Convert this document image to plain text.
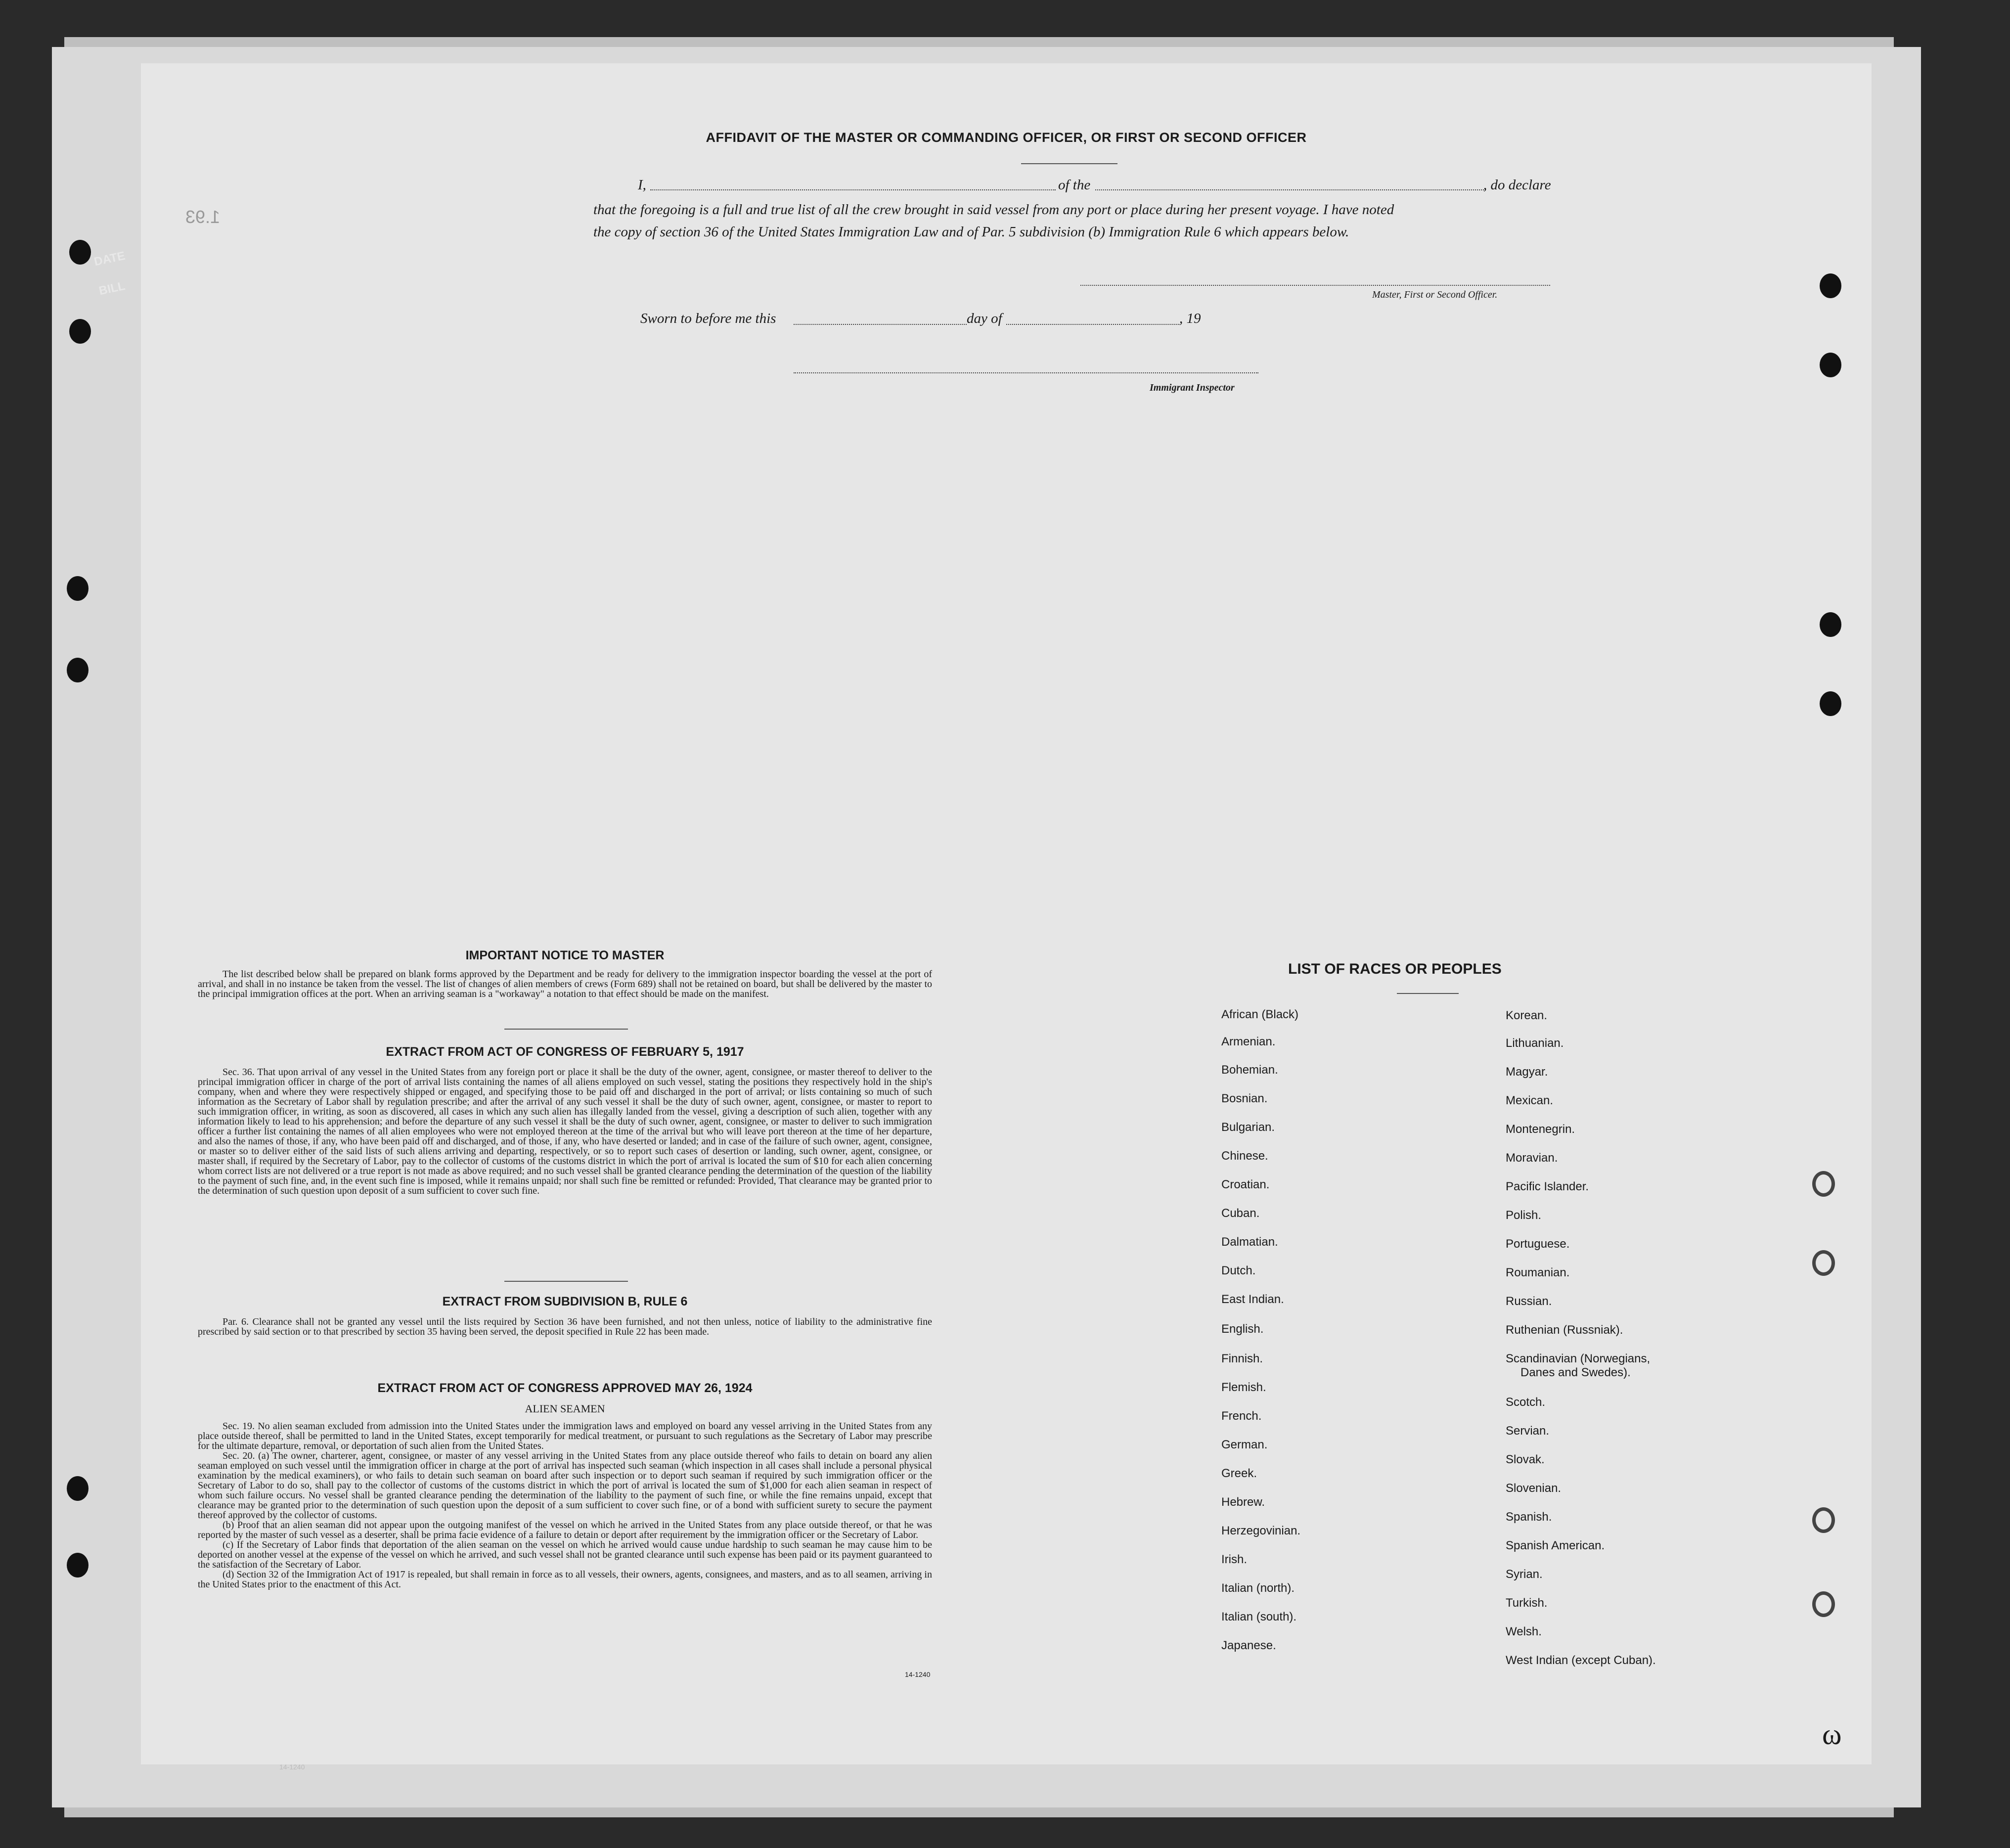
DATE
BILL
1.93
AFFIDAVIT OF THE MASTER OR COMMANDING OFFICER, OR FIRST OR SECOND OFFICER
I,	of the	, do declare
that the foregoing is a full and true list of all the crew brought in said vessel from any port or place during her present voyage. I have noted
the copy of section 36 of the United States Immigration Law and of Par. 5 subdivision (b) Immigration Rule 6 which appears below.
Master, First or Second Officer.
Sworn to before me this	day of	, 19
Immigrant Inspector
IMPORTANT NOTICE TO MASTER
The list described below shall be prepared on blank forms approved by the Department and be ready for delivery to the immigration inspector boarding the vessel at the port of arrival, and shall in no instance be taken from the vessel. The list of changes of alien members of crews (Form 689) shall not be retained on board, but shall be delivered by the master to the principal immigration offices at the port. When an arriving seaman is a "workaway" a notation to that effect should be made on the manifest.
EXTRACT FROM ACT OF CONGRESS OF FEBRUARY 5, 1917
Sec. 36. That upon arrival of any vessel in the United States from any foreign port or place it shall be the duty of the owner, agent, consignee, or master thereof to deliver to the principal immigration officer in charge of the port of arrival lists containing the names of all aliens employed on such vessel, stating the positions they respectively hold in the ship's company, when and where they were respectively shipped or engaged, and specifying those to be paid off and discharged in the port of arrival; or lists containing so much of such information as the Secretary of Labor shall by regulation prescribe; and after the arrival of any such vessel it shall be the duty of such owner, agent, consignee, or master to report to such immigration officer, in writing, as soon as discovered, all cases in which any such alien has illegally landed from the vessel, giving a description of such alien, together with any information likely to lead to his apprehension; and before the departure of any such vessel it shall be the duty of such owner, agent, consignee, or master to deliver to such immigration officer a further list containing the names of all alien employees who were not employed thereon at the time of the arrival but who will leave port thereon at the time of her departure, and also the names of those, if any, who have been paid off and discharged, and of those, if any, who have deserted or landed; and in case of the failure of such owner, agent, consignee, or master so to deliver either of the said lists of such aliens arriving and departing, respectively, or so to report such cases of desertion or landing, such owner, agent, consignee, or master shall, if required by the Secretary of Labor, pay to the collector of customs of the customs district in which the port of arrival is located the sum of $10 for each alien concerning whom correct lists are not delivered or a true report is not made as above required; and no such vessel shall be granted clearance pending the determination of the question of the liability to the payment of such fine, and, in the event such fine is imposed, while it remains unpaid; nor shall such fine be remitted or refunded: Provided, That clearance may be granted prior to the determination of such question upon deposit of a sum sufficient to cover such fine.
EXTRACT FROM SUBDIVISION B, RULE 6
Par. 6. Clearance shall not be granted any vessel until the lists required by Section 36 have been furnished, and not then unless, notice of liability to the administrative fine prescribed by said section or to that prescribed by section 35 having been served, the deposit specified in Rule 22 has been made.
EXTRACT FROM ACT OF CONGRESS APPROVED MAY 26, 1924
ALIEN SEAMEN
Sec. 19. No alien seaman excluded from admission into the United States under the immigration laws and employed on board any vessel arriving in the United States from any place outside thereof, shall be permitted to land in the United States, except temporarily for medical treatment, or pursuant to such regulations as the Secretary of Labor may prescribe for the ultimate departure, removal, or deportation of such alien from the United States.
Sec. 20. (a) The owner, charterer, agent, consignee, or master of any vessel arriving in the United States from any place outside thereof who fails to detain on board any alien seaman employed on such vessel until the immigration officer in charge at the port of arrival has inspected such seaman (which inspection in all cases shall include a personal physical examination by the medical examiners), or who fails to detain such seaman on board after such inspection or to deport such seaman if required by such immigration officer or the Secretary of Labor to do so, shall pay to the collector of customs of the customs district in which the port of arrival is located the sum of $1,000 for each alien seaman in respect of whom such failure occurs. No vessel shall be granted clearance pending the determination of the liability to the payment of such fine, or while the fine remains unpaid, except that clearance may be granted prior to the determination of such question upon the deposit of a sum sufficient to cover such fine, or of a bond with sufficient surety to secure the payment thereof approved by the collector of customs.
(b) Proof that an alien seaman did not appear upon the outgoing manifest of the vessel on which he arrived in the United States from any place outside thereof, or that he was reported by the master of such vessel as a deserter, shall be prima facie evidence of a failure to detain or deport after requirement by the immigration officer or the Secretary of Labor.
(c) If the Secretary of Labor finds that deportation of the alien seaman on the vessel on which he arrived would cause undue hardship to such seaman he may cause him to be deported on another vessel at the expense of the vessel on which he arrived, and such vessel shall not be granted clearance until such expense has been paid or its payment guaranteed to the satisfaction of the Secretary of Labor.
(d) Section 32 of the Immigration Act of 1917 is repealed, but shall remain in force as to all vessels, their owners, agents, consignees, and masters, and as to all seamen, arriving in the United States prior to the enactment of this Act.
14-1240
LIST OF RACES OR PEOPLES
African (Black)
Armenian.
Bohemian.
Bosnian.
Bulgarian.
Chinese.
Croatian.
Cuban.
Dalmatian.
Dutch.
East Indian.
English.
Finnish.
Flemish.
French.
German.
Greek.
Hebrew.
Herzegovinian.
Irish.
Italian (north).
Italian (south).
Japanese.
Korean.
Lithuanian.
Magyar.
Mexican.
Montenegrin.
Moravian.
Pacific Islander.
Polish.
Portuguese.
Roumanian.
Russian.
Ruthenian (Russniak).
Scandinavian (Norwegians,
Danes and Swedes).
Scotch.
Servian.
Slovak.
Slovenian.
Spanish.
Spanish American.
Syrian.
Turkish.
Welsh.
West Indian (except Cuban).
ω
14-1240
